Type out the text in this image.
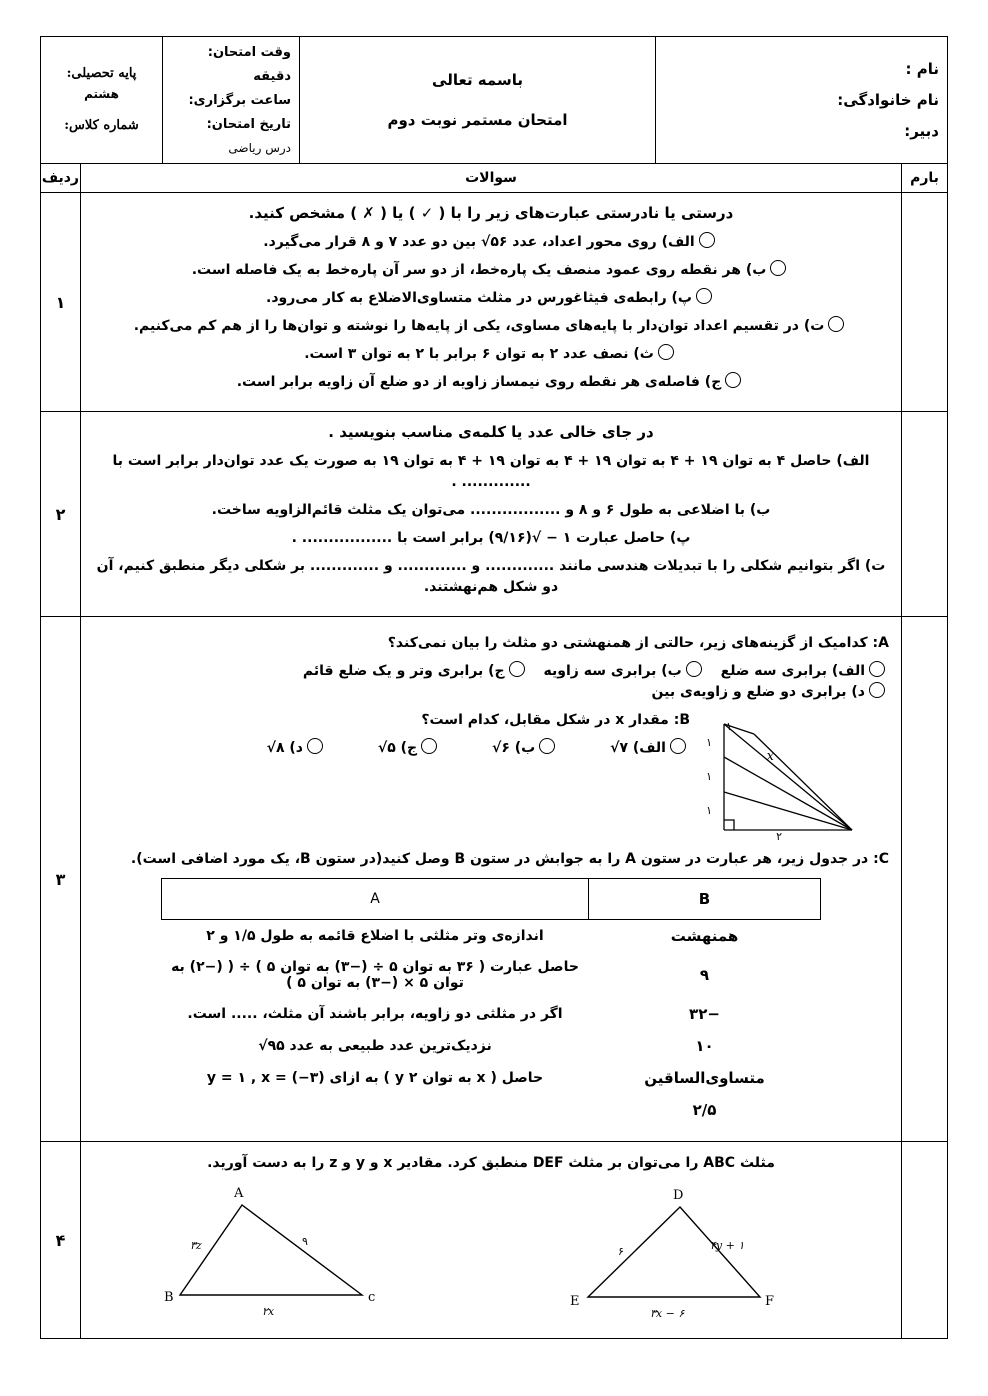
نام :
نام خانوادگی:
دبیر:

باسمه تعالی
امتحان مستمر نوبت دوم

وقت امتحان: دقیقه
ساعت برگزاری:
تاریخ امتحان:
درس ریاضی

پایه تحصیلی:
هشتم
شماره کلاس:
بارم	سوالات	ردیف

درستی یا نادرستی عبارت‌های زیر را با ( ✓ ) یا ( ✗ ) مشخص کنید.
الف) روی محور اعداد، عدد ۵۶√ بین دو عدد ۷ و ۸ قرار می‌گیرد.
ب) هر نقطه روی عمود منصف یک پاره‌خط، از دو سر آن پاره‌خط به یک فاصله است.
پ) رابطه‌ی فیثاغورس در مثلث متساوی‌الاضلاع به کار می‌رود.
ت) در تقسیم اعداد توان‌دار با پایه‌های مساوی، یکی از پایه‌ها را نوشته و توان‌ها را از هم کم می‌کنیم.
ث) نصف عدد ۲ به توان ۶ برابر با ۲ به توان ۳ است.
ج) فاصله‌ی هر نقطه روی نیمساز زاویه از دو ضلع آن زاویه برابر است.
	۱

در جای خالی عدد یا کلمه‌ی مناسب بنویسید .
الف) حاصل ۴ به توان ۱۹ + ۴ به توان ۱۹ + ۴ به توان ۱۹ + ۴ به توان ۱۹ به صورت یک عدد توان‌دار برابر است با ............. .
ب) با اضلاعی به طول ۶ و ۸ و ................. می‌توان یک مثلث قائم‌الزاویه ساخت.
پ) حاصل عبارت ۱ − √(۹/۱۶) برابر است با ................. .
ت) اگر بتوانیم شکلی را با تبدیلات هندسی مانند ............. و ............. و ............. بر شکلی دیگر منطبق کنیم، آن دو شکل هم‌نهشتند.
	۲

A: کدامیک از گزینه‌های زیر، حالتی از همنهشتی دو مثلث را بیان نمی‌کند؟
الف) برابری سه ضلع ب) برابری سه زاویه ج) برابری وتر و یک ضلع قائم د) برابری دو ضلع و زاویه‌ی بین
۱
۱
۱
۱
۲
x
B: مقدار x در شکل مقابل، کدام است؟
الف) ۷√ ب) ۶√ ج) ۵√ د) ۸√
C: در جدول زیر، هر عبارت در ستون A را به جوابش در ستون B وصل کنید(در ستون B، یک مورد اضافی است).
B	A
همنهشت	اندازه‌ی وتر مثلثی با اضلاع قائمه به طول ۱/۵ و ۲
۹	حاصل عبارت ( ۳۶ به توان ۵ ÷ (−۳) به توان ۵ ) ÷ ( (−۲) به توان ۵ × (−۳) به توان ۵ )
−۳۲	اگر در مثلثی دو زاویه، برابر باشند آن مثلث، ..... است.
۱۰	نزدیک‌ترین عدد طبیعی به عدد ۹۵√
متساوی‌الساقین	حاصل ( x به توان ۲ y ) به ازای y = ۱ , x = (−۳)
۲/۵	
	۳

مثلث ABC را می‌توان بر مثلث DEF منطبق کرد. مقادیر x و y و z را به دست آورید.
A
B	c
۳z	۹
۲x
D
E	F
۶	۴y + ۱
۳x − ۶
	۴
